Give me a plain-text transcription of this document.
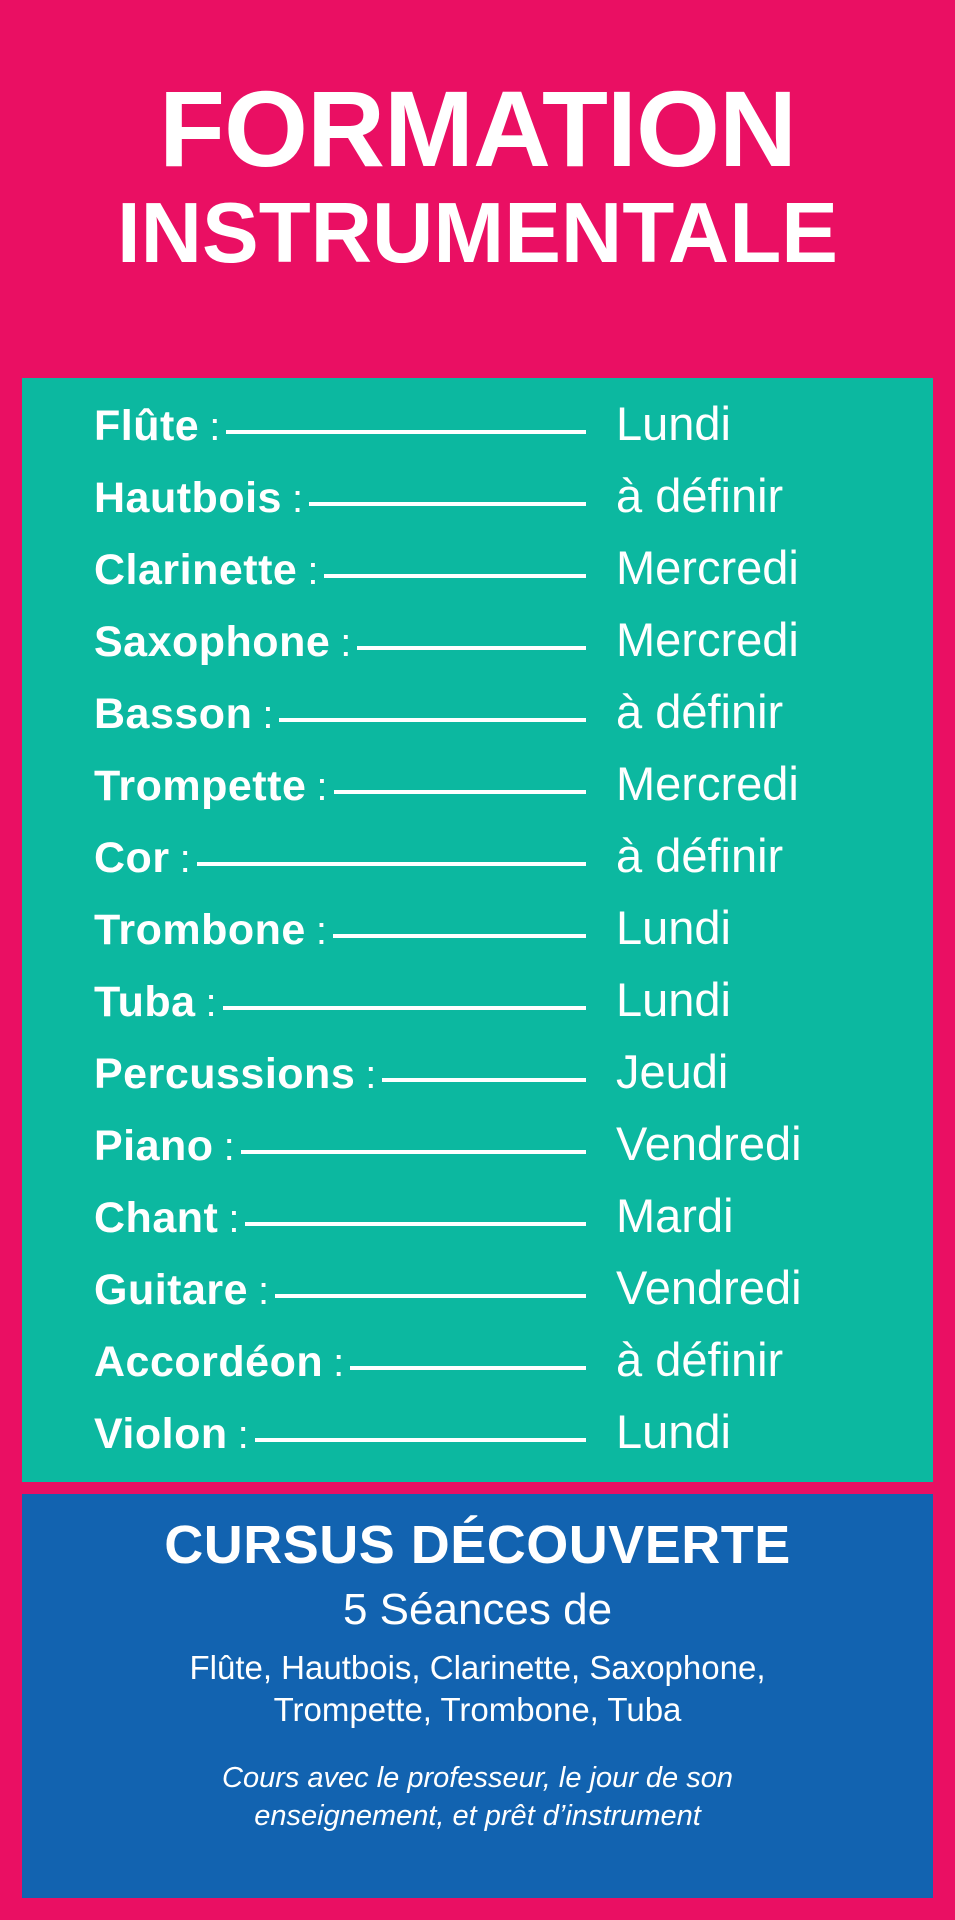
FORMATION
INSTRUMENTALE
Flûte :	Lundi
Hautbois :	à définir
Clarinette :	Mercredi
Saxophone :	Mercredi
Basson :	à définir
Trompette :	Mercredi
Cor :	à définir
Trombone :	Lundi
Tuba :	Lundi
Percussions :	Jeudi
Piano :	Vendredi
Chant :	Mardi
Guitare :	Vendredi
Accordéon :	à définir
Violon :	Lundi
CURSUS DÉCOUVERTE
5 Séances de
Flûte, Hautbois, Clarinette, Saxophone,
Trompette, Trombone, Tuba
Cours avec le professeur, le jour de son
enseignement, et prêt d’instrument
